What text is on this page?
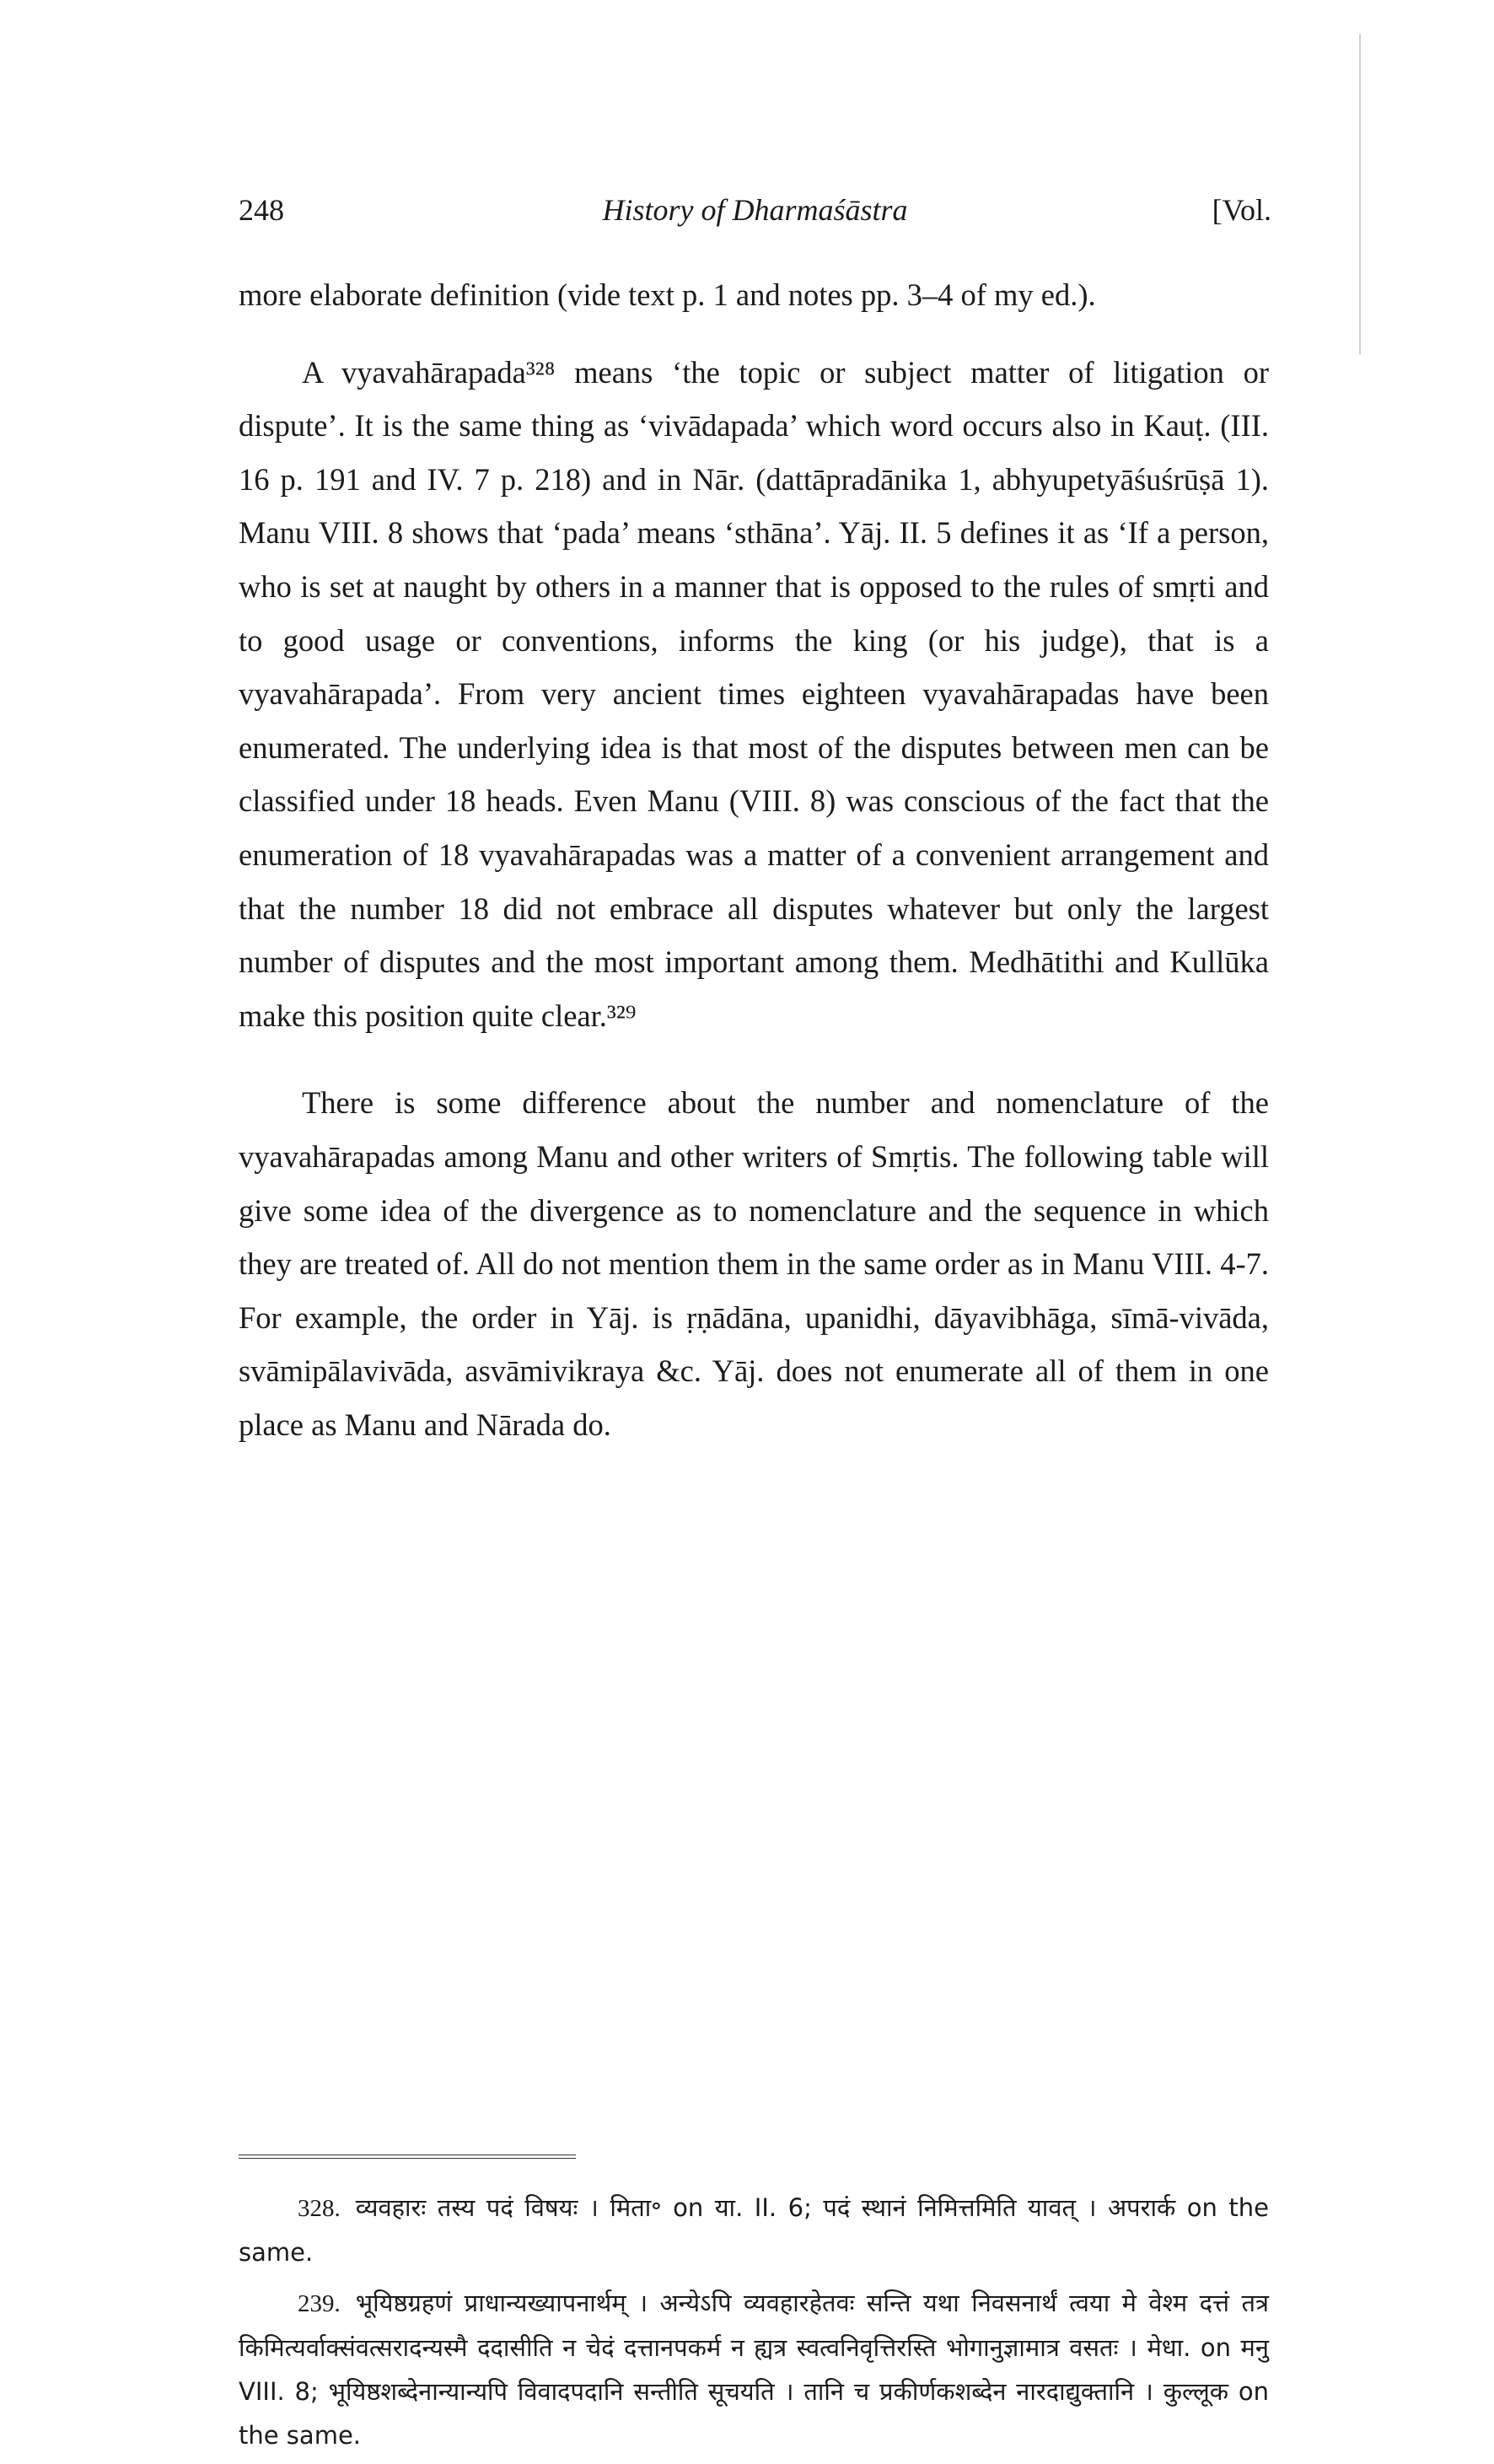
248	History of Dharmaśāstra	[Vol.

more elaborate definition (vide text p. 1 and notes pp. 3–4 of my ed.).

A vyavahārapada³²⁸ means ‘the topic or subject matter of litigation or dispute’. It is the same thing as ‘vivādapada’ which word occurs also in Kauṭ. (III. 16 p. 191 and IV. 7 p. 218) and in Nār. (dattāpradānika 1, abhyupetyāśuśrūṣā 1). Manu VIII. 8 shows that ‘pada’ means ‘sthāna’. Yāj. II. 5 defines it as ‘If a person, who is set at naught by others in a manner that is opposed to the rules of smṛti and to good usage or conventions, informs the king (or his judge), that is a vyavahārapada’. From very ancient times eighteen vyavahārapadas have been enumerated. The underlying idea is that most of the disputes between men can be classified under 18 heads. Even Manu (VIII. 8) was conscious of the fact that the enumeration of 18 vyavahārapadas was a matter of a convenient arrangement and that the number 18 did not embrace all disputes whatever but only the largest number of disputes and the most important among them. Medhātithi and Kullūka make this position quite clear.³²⁹

There is some difference about the number and nomenclature of the vyavahārapadas among Manu and other writers of Smṛtis. The following table will give some idea of the divergence as to nomenclature and the sequence in which they are treated of. All do not mention them in the same order as in Manu VIII. 4-7. For example, the order in Yāj. is ṛṇādāna, upanidhi, dāyavibhāga, sīmā-vivāda, svāmipālavivāda, asvāmivikraya &c. Yāj. does not enumerate all of them in one place as Manu and Nārada do.

328. व्यवहारः तस्य पदं विषयः । मिता॰ on या. II. 6; पदं स्थानं निमित्तमिति यावत् । अपरार्क on the same.

239. भूयिष्ठग्रहणं प्राधान्यख्यापनार्थम् । अन्येऽपि व्यवहारहेतवः सन्ति यथा निवसनार्थं त्वया मे वेश्म दत्तं तत्र किमित्यर्वाक्संवत्सरादन्यस्मै ददासीति न चेदं दत्तानपकर्म न ह्यत्र स्वत्वनिवृत्तिरस्ति भोगानुज्ञामात्र वसतः । मेधा. on मनु VIII. 8; भूयिष्ठशब्देनान्यान्यपि विवादपदानि सन्तीति सूचयति । तानि च प्रकीर्णकशब्देन नारदाद्युक्तानि । कुल्लूक on the same.
